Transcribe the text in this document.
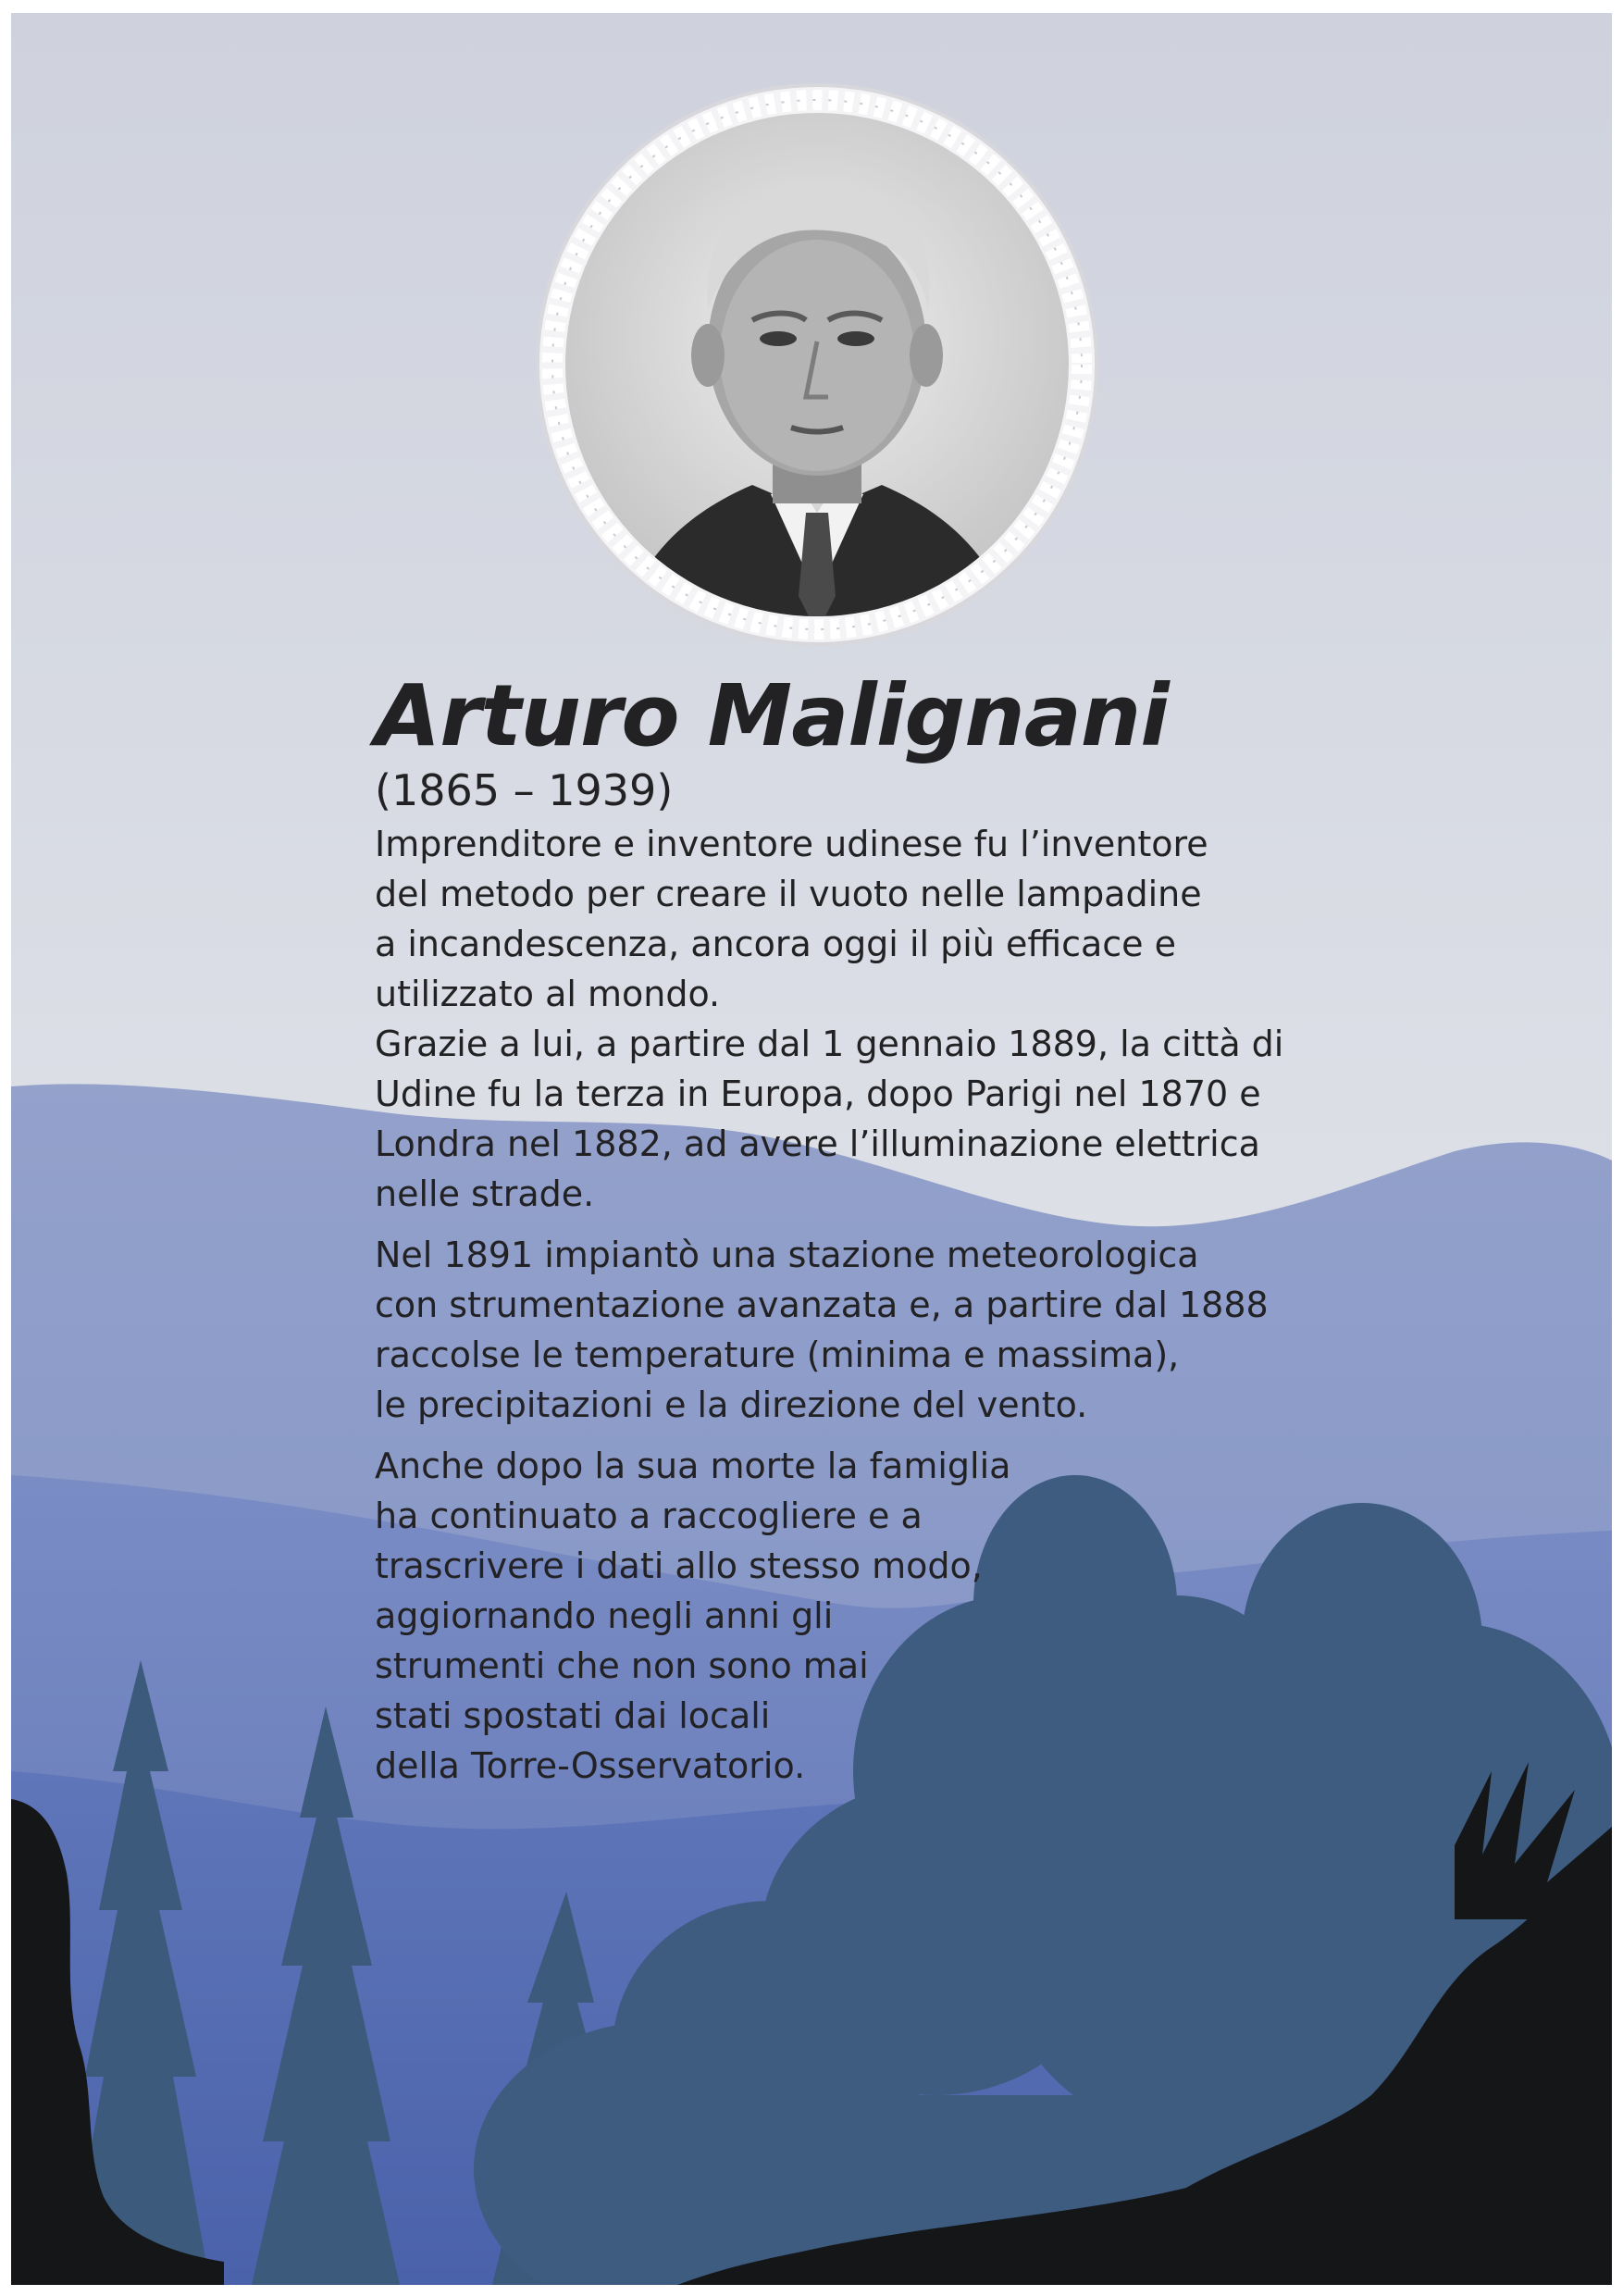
Arturo Malignani
(1865 – 1939)

Imprenditore e inventore udinese fu l’inventore
del metodo per creare il vuoto nelle lampadine
a incandescenza, ancora oggi il più efficace e
utilizzato al mondo.
Grazie a lui, a partire dal 1 gennaio 1889, la città di
Udine fu la terza in Europa, dopo Parigi nel 1870 e
Londra nel 1882, ad avere l’illuminazione elettrica
nelle strade.

Nel 1891 impiantò una stazione meteorologica
con strumentazione avanzata e, a partire dal 1888
raccolse le temperature (minima e massima),
le precipitazioni e la direzione del vento.

Anche dopo la sua morte la famiglia
ha continuato a raccogliere e a
trascrivere i dati allo stesso modo,
aggiornando negli anni gli
strumenti che non sono mai
stati spostati dai locali
della Torre-Osservatorio.
